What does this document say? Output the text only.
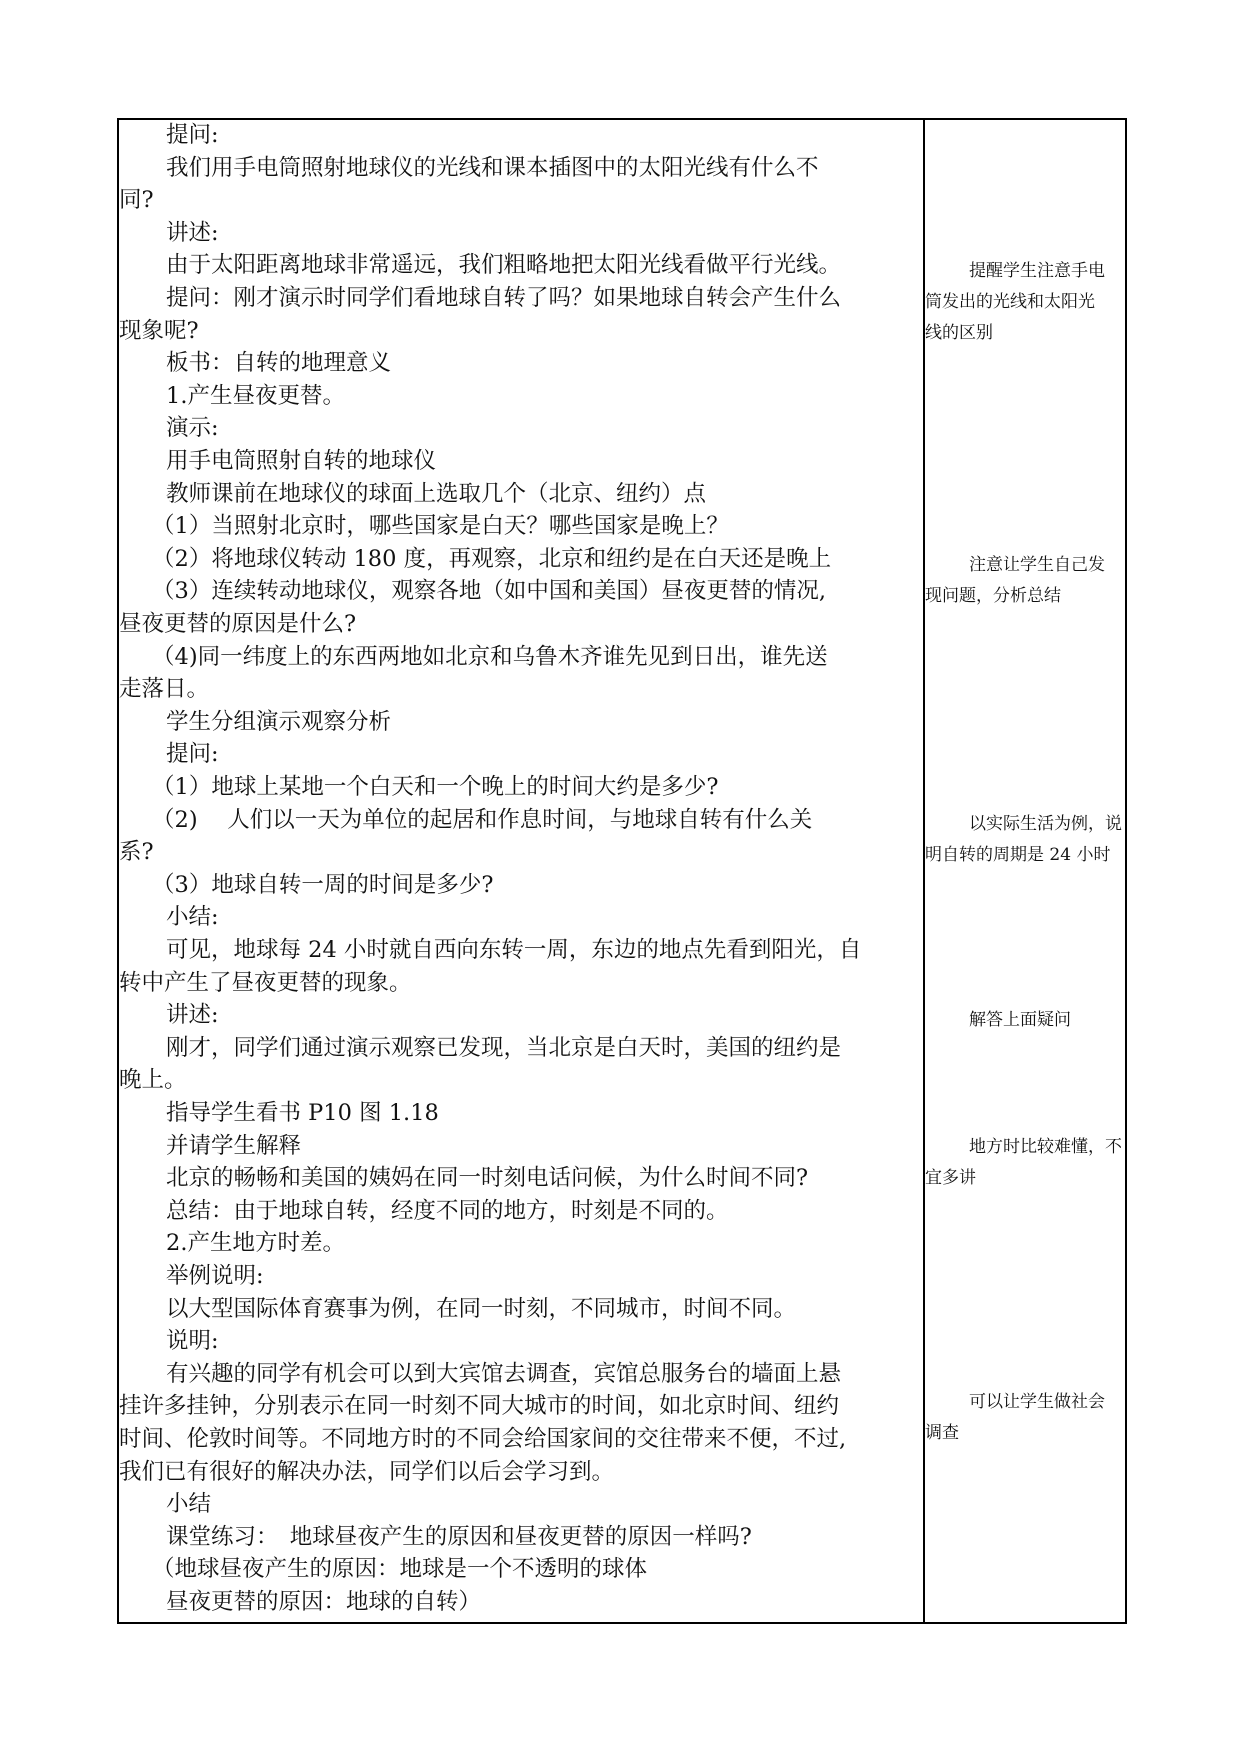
提问:
我们用手电筒照射地球仪的光线和课本插图中的太阳光线有什么不
同?
讲述:
由于太阳距离地球非常遥远，我们粗略地把太阳光线看做平行光线。
提问：刚才演示时同学们看地球自转了吗？如果地球自转会产生什么
现象呢?
板书：自转的地理意义
1.产生昼夜更替。
演示:
用手电筒照射自转的地球仪
教师课前在地球仪的球面上选取几个（北京、纽约）点
（1）当照射北京时，哪些国家是白天？哪些国家是晚上？
（2）将地球仪转动 180 度，再观察，北京和纽约是在白天还是晚上
（3）连续转动地球仪，观察各地（如中国和美国）昼夜更替的情况,
昼夜更替的原因是什么?
（4)同一纬度上的东西两地如北京和乌鲁木齐谁先见到日出，谁先送
走落日。
学生分组演示观察分析
提问:
（1）地球上某地一个白天和一个晚上的时间大约是多少?
（2)　 人们以一天为单位的起居和作息时间，与地球自转有什么关
系?
（3）地球自转一周的时间是多少?
小结:
可见，地球每 24 小时就自西向东转一周，东边的地点先看到阳光，自
转中产生了昼夜更替的现象。
讲述:
刚才，同学们通过演示观察已发现，当北京是白天时，美国的纽约是
晚上。
指导学生看书 P10 图 1.18
并请学生解释
北京的畅畅和美国的姨妈在同一时刻电话问候，为什么时间不同?
总结：由于地球自转，经度不同的地方，时刻是不同的。
2.产生地方时差。
举例说明:
以大型国际体育赛事为例，在同一时刻，不同城市，时间不同。
说明:
有兴趣的同学有机会可以到大宾馆去调查，宾馆总服务台的墙面上悬
挂许多挂钟，分别表示在同一时刻不同大城市的时间，如北京时间、纽约
时间、伦敦时间等。不同地方时的不同会给国家间的交往带来不便，不过,
我们已有很好的解决办法，同学们以后会学习到。
小结
课堂练习：　地球昼夜产生的原因和昼夜更替的原因一样吗?
（地球昼夜产生的原因：地球是一个不透明的球体
昼夜更替的原因：地球的自转）
提醒学生注意手电
筒发出的光线和太阳光
线的区别
注意让学生自己发
现问题，分析总结
以实际生活为例，说
明自转的周期是 24 小时
解答上面疑问
地方时比较难懂，不
宜多讲
可以让学生做社会
调查
